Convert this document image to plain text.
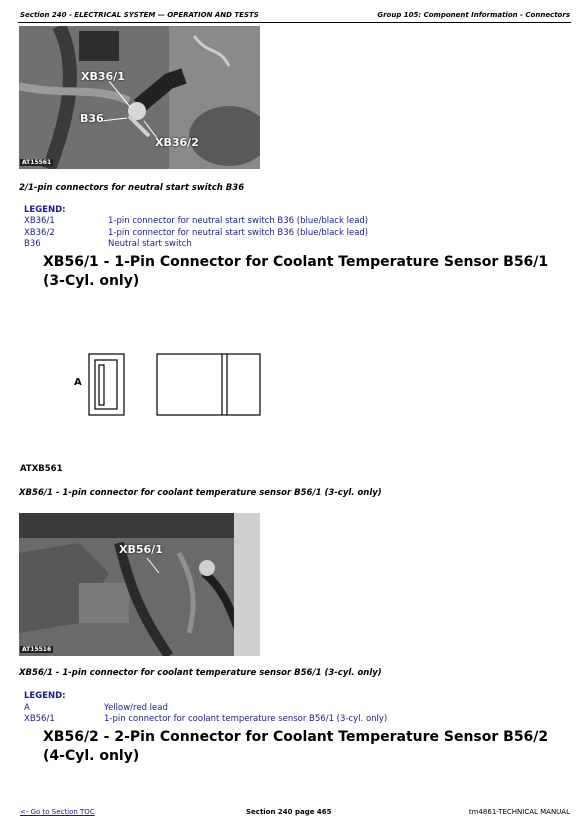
Section 240 - ELECTRICAL SYSTEM — OPERATION AND TESTS	Group 105: Component Information - Connectors
XB36/1
B36
XB36/2
AT15561
2/1-pin connectors for neutral start switch B36
LEGEND:
XB36/1	1-pin connector for neutral start switch B36 (blue/black lead)
XB36/2	1-pin connector for neutral start switch B36 (blue/black lead)
B36	Neutral start switch
XB56/1 - 1-Pin Connector for Coolant Temperature Sensor B56/1 (3-Cyl. only)
A
ATXB561
XB56/1 - 1-pin connector for coolant temperature sensor B56/1 (3-cyl. only)
XB56/1
AT15516
XB56/1 - 1-pin connector for coolant temperature sensor B56/1 (3-cyl. only)
LEGEND:
A	Yellow/red lead
XB56/1	1-pin connector for coolant temperature sensor B56/1 (3-cyl. only)
XB56/2 - 2-Pin Connector for Coolant Temperature Sensor B56/2 (4-Cyl. only)
<- Go to Section TOC	Section 240 page 465	tm4861-TECHNICAL MANUAL
